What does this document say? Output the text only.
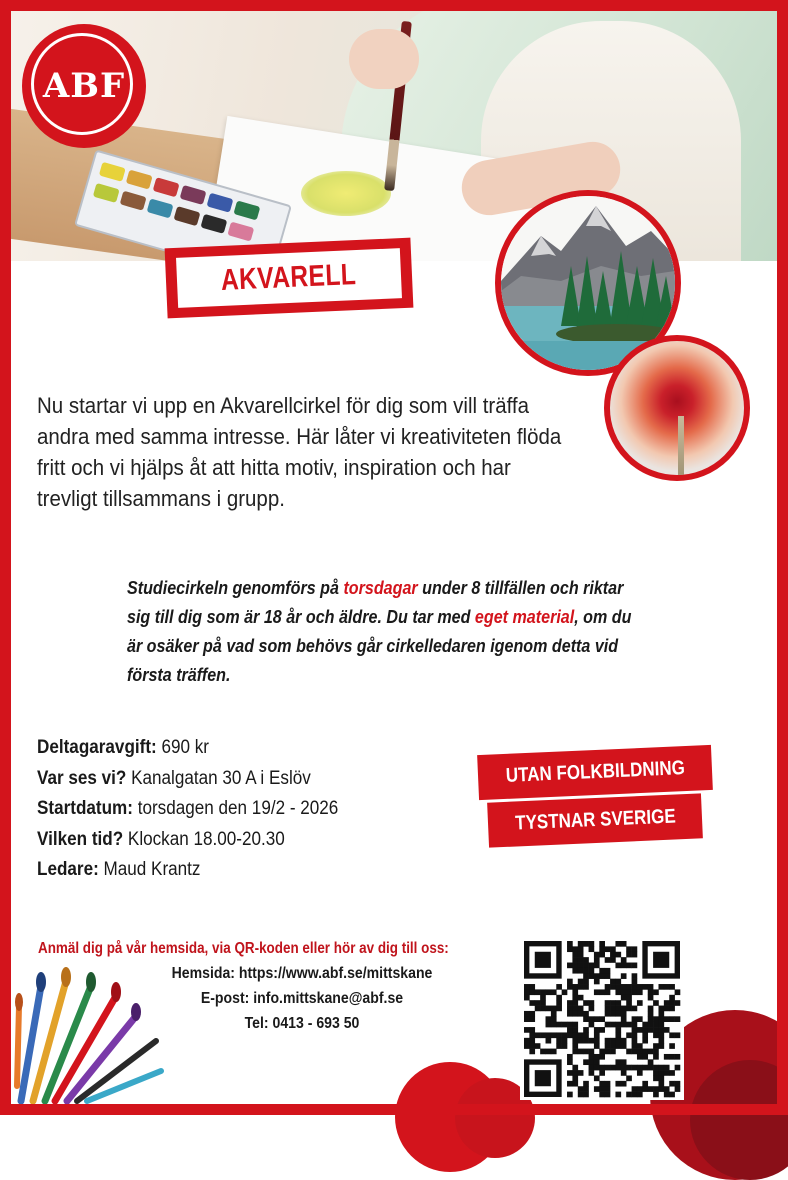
ABF
AKVARELL
Nu startar vi upp en Akvarellcirkel för dig som vill träffa andra med samma intresse. Här låter vi kreativiteten flöda fritt och vi hjälps åt att hitta motiv, inspiration och har trevligt tillsammans i grupp.
Studiecirkeln genomförs på torsdagar under 8 tillfällen och riktar sig till dig som är 18 år och äldre. Du tar med eget material, om du är osäker på vad som behövs går cirkelledaren igenom detta vid första träffen.
Deltagaravgift: 690 kr
Var ses vi? Kanalgatan 30 A i Eslöv
Startdatum: torsdagen den 19/2 - 2026
Vilken tid? Klockan 18.00-20.30
Ledare: Maud Krantz
UTAN FOLKBILDNING
TYSTNAR SVERIGE
Anmäl dig på vår hemsida, via QR-koden eller hör av dig till oss:
Hemsida: https://www.abf.se/mittskane
E-post: info.mittskane@abf.se
Tel: 0413 - 693 50
